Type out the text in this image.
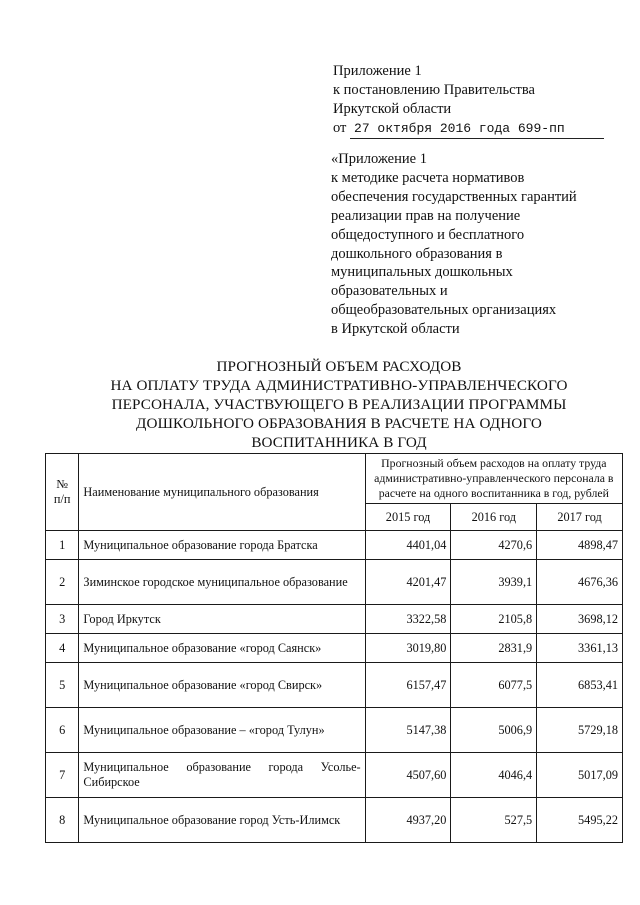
Приложение 1
к постановлению Правительства
Иркутской области
от 27 октября 2016 года 699-пп
«Приложение 1
к методике расчета нормативов
обеспечения государственных гарантий
реализации прав на получение
общедоступного и бесплатного
дошкольного образования в
муниципальных дошкольных
образовательных и
общеобразовательных организациях
в Иркутской области
ПРОГНОЗНЫЙ ОБЪЕМ РАСХОДОВ
НА ОПЛАТУ ТРУДА АДМИНИСТРАТИВНО-УПРАВЛЕНЧЕСКОГО
ПЕРСОНАЛА, УЧАСТВУЮЩЕГО В РЕАЛИЗАЦИИ ПРОГРАММЫ
ДОШКОЛЬНОГО ОБРАЗОВАНИЯ В РАСЧЕТЕ НА ОДНОГО
ВОСПИТАННИКА В ГОД
№ п/п	Наименование муниципального образования	Прогнозный объем расходов на оплату труда административно-управленческого персонала в расчете на одного воспитанника в год, рублей		
		2015 год	2016 год	2017 год
1	Муниципальное образование города Братска	4401,04	4270,6	4898,47
2	Зиминское городское муниципальное образование	4201,47	3939,1	4676,36
3	Город Иркутск	3322,58	2105,8	3698,12
4	Муниципальное образование «город Саянск»	3019,80	2831,9	3361,13
5	Муниципальное образование «город Свирск»	6157,47	6077,5	6853,41
6	Муниципальное образование – «город Тулун»	5147,38	5006,9	5729,18
7	Муниципальное образование города Усолье-Сибирское	4507,60	4046,4	5017,09
8	Муниципальное образование город Усть-Илимск	4937,20	527,5	5495,22
